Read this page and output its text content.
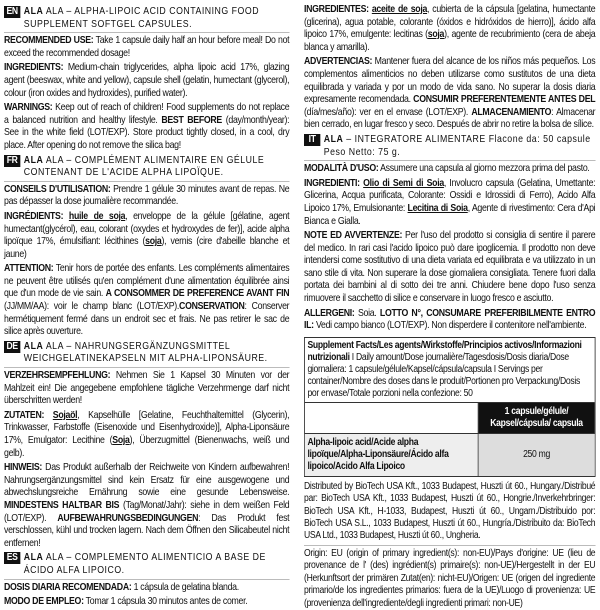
EN ALA ALA – ALPHA-LIPOIC ACID CONTAINING FOOD SUPPLEMENT SOFTGEL CAPSULES.

RECOMMENDED USE: Take 1 capsule daily half an hour before meal! Do not exceed the recommended dosage!

INGREDIENTS: Medium-chain triglycerides, alpha lipoic acid 17%, glazing agent (beeswax, white and yellow), capsule shell (gelatin, humectant (glycerol), colour (iron oxides and hydroxides), purified water).

WARNINGS: Keep out of reach of children! Food supplements do not replace a balanced nutrition and healthy lifestyle. BEST BEFORE (day/month/year): See in the white field (LOT/EXP). Store product tightly closed, in a cool, dry place. After opening do not remove the silica bag!

FR ALA ALA – COMPLÉMENT ALIMENTAIRE EN GÉLULE CONTENANT DE L'ACIDE ALPHA LIPOÏQUE.

CONSEILS D'UTILISATION: Prendre 1 gélule 30 minutes avant de repas. Ne pas dépasser la dose journalière recommandée.

INGRÉDIENTS: huile de soja, enveloppe de la gélule [gélatine, agent humectant(glycérol), eau, colorant (oxydes et hydroxydes de fer)], acide alpha lipoïque 17%, émulsifiant: lécithines (soja), vernis (cire d'abeille blanche et jaune)

ATTENTION: Tenir hors de portée des enfants. Les compléments alimentaires ne peuvent être utilisés qu'en complément d'une alimentation équilibrée ainsi que d'un mode de vie sain. A CONSOMMER DE PREFERENCE AVANT FIN (JJ/MM/AA): voir le champ blanc (LOT/EXP).CONSERVATION: Conserver hermétiquement fermé dans un endroit sec et frais. Ne pas retirer le sac de silice après ouverture.

DE ALA ALA – NAHRUNGSERGÄNZUNGSMITTEL WEICHGELATINEKAPSELN MIT ALPHA-LIPONSÄURE.

VERZEHRSEMPFEHLUNG: Nehmen Sie 1 Kapsel 30 Minuten vor der Mahlzeit ein! Die angegebene empfohlene tägliche Verzehrmenge darf nicht überschritten werden!

ZUTATEN: Sojaöl, Kapselhülle [Gelatine, Feuchthaltemittel (Glycerin), Trinkwasser, Farbstoffe (Eisenoxide und Eisenhydroxide)], Alpha-Liponsäure 17%, Emulgator: Lecithine (Soja), Überzugmittel (Bienenwachs, weiß und gelb).

HINWEIS: Das Produkt außerhalb der Reichweite von Kindern aufbewahren! Nahrungsergänzungsmittel sind kein Ersatz für eine ausgewogene und abwechslungsreiche Ernährung sowie eine gesunde Lebensweise. MINDESTENS HALTBAR BIS (Tag/Monat/Jahr): siehe in dem weißen Feld (LOT/EXP). AUFBEWAHRUNGSBEDINGUNGEN: Das Produkt fest verschlossen, kühl und trocken lagern. Nach dem Öffnen den Silicabeutel nicht entfernen!

ES ALA ALA – COMPLEMENTO ALIMENTICIO A BASE DE ÁCIDO ALFA LIPOICO.

DOSIS DIARIA RECOMENDADA: 1 cápsula de gelatina blanda.

MODO DE EMPLEO: Tomar 1 cápsula 30 minutos antes de comer.

INGREDIENTES: aceite de soja, cubierta de la cápsula [gelatina, humectante (glicerina), agua potable, colorante (óxidos e hidróxidos de hierro)], ácido alfa lipoico 17%, emulgente: lecitinas (soja), agente de recubrimiento (cera de abeja blanca y amarilla).

ADVERTENCIAS: Mantener fuera del alcance de los niños más pequeños. Los complementos alimenticios no deben utilizarse como sustitutos de una dieta equilibrada y variada y por un modo de vida sano. No superar la dosis diaria expresamente recomendada. CONSUMIR PREFERENTEMENTE ANTES DEL (día/mes/año): ver en el envase (LOT/EXP). ALMACENAMIENTO: Almacenar bien cerrado, en lugar fresco y seco. Después de abrir no retire la bolsa de sílice.

IT ALA – INTEGRATORE ALIMENTARE Flacone da: 50 capsule Peso Netto: 75 g.

MODALITÀ D'USO: Assumere una capsula al giorno mezzora prima del pasto.

INGREDIENTI: Olio di Semi di Soia, Involucro capsula (Gelatina, Umettante: Glicerina, Acqua purificata, Colorante: Ossidi e Idrossidi di Ferro), Acido Alfa Lipoico 17%, Emulsionante: Lecitina di Soia, Agente di rivestimento: Cera d'Api Bianca e Gialla.

NOTE ED AVVERTENZE: Per l'uso del prodotto si consiglia di sentire il parere del medico. In rari casi l'acido lipoico può dare ipoglicemia. Il prodotto non deve intendersi come sostitutivo di una dieta variata ed equilibrata e va utilizzato in un sano stile di vita. Non superare la dose giornaliera consigliata. Tenere fuori dalla portata dei bambini al di sotto dei tre anni. Chiudere bene dopo l'uso senza rimuovere il sacchetto di silice e conservare in luogo fresco e asciutto.

ALLERGENI: Soia. LOTTO N°, CONSUMARE PREFERIBILMENTE ENTRO IL: Vedi campo bianco (LOT/EXP). Non disperdere il contenitore nell'ambiente.

Supplement Facts/Les agents/Wirkstoffe/Principios activos/Informazioni nutrizionali I Daily amount/Dose journalière/Tagesdosis/Dosis diaria/Dose giornaliera: 1 capsule/gélule/Kapsel/cápsula/capsula I Servings per container/Nombre des doses dans le produit/Portionen pro Verpackung/Dosis por envase/Totale porzioni nella confezione: 50
1 capsule/gélule/ Kapsel/cápsula/ capsula
Alpha-lipoic acid/Acide alpha lipoïque/Alpha-Liponsäure/Ácido alfa lipoico/Acido Alfa Lipoico
250 mg

Distributed by BioTech USA Kft., 1033 Budapest, Huszti út 60., Hungary./Distribué par: BioTech USA Kft., 1033 Budapest, Huszti út 60., Hongrie./Inverkehrbringer: BioTech USA Kft., H-1033, Budapest, Huszti út 60., Ungarn./Distribuido por: BioTech USA S.L., 1033 Budapest, Huszti út 60., Hungría./Distribuito da: BioTech USA Ltd., 1033 Budapest, Huszti út 60., Ungheria.

Origin: EU (origin of primary ingredient(s): non-EU)/Pays d'origine: UE (lieu de provenance de l' (des) ingrédient(s) primaire(s): non-UE)/Hergestellt in der EU (Herkunftsort der primären Zutat(en): nicht-EU)/Origen: UE (origen del ingrediente primario/de los ingredientes primarios: fuera de la UE)/Luogo di provenienza: UE (provenienza dell'ingrediente/degli ingredienti primari: non-UE)
